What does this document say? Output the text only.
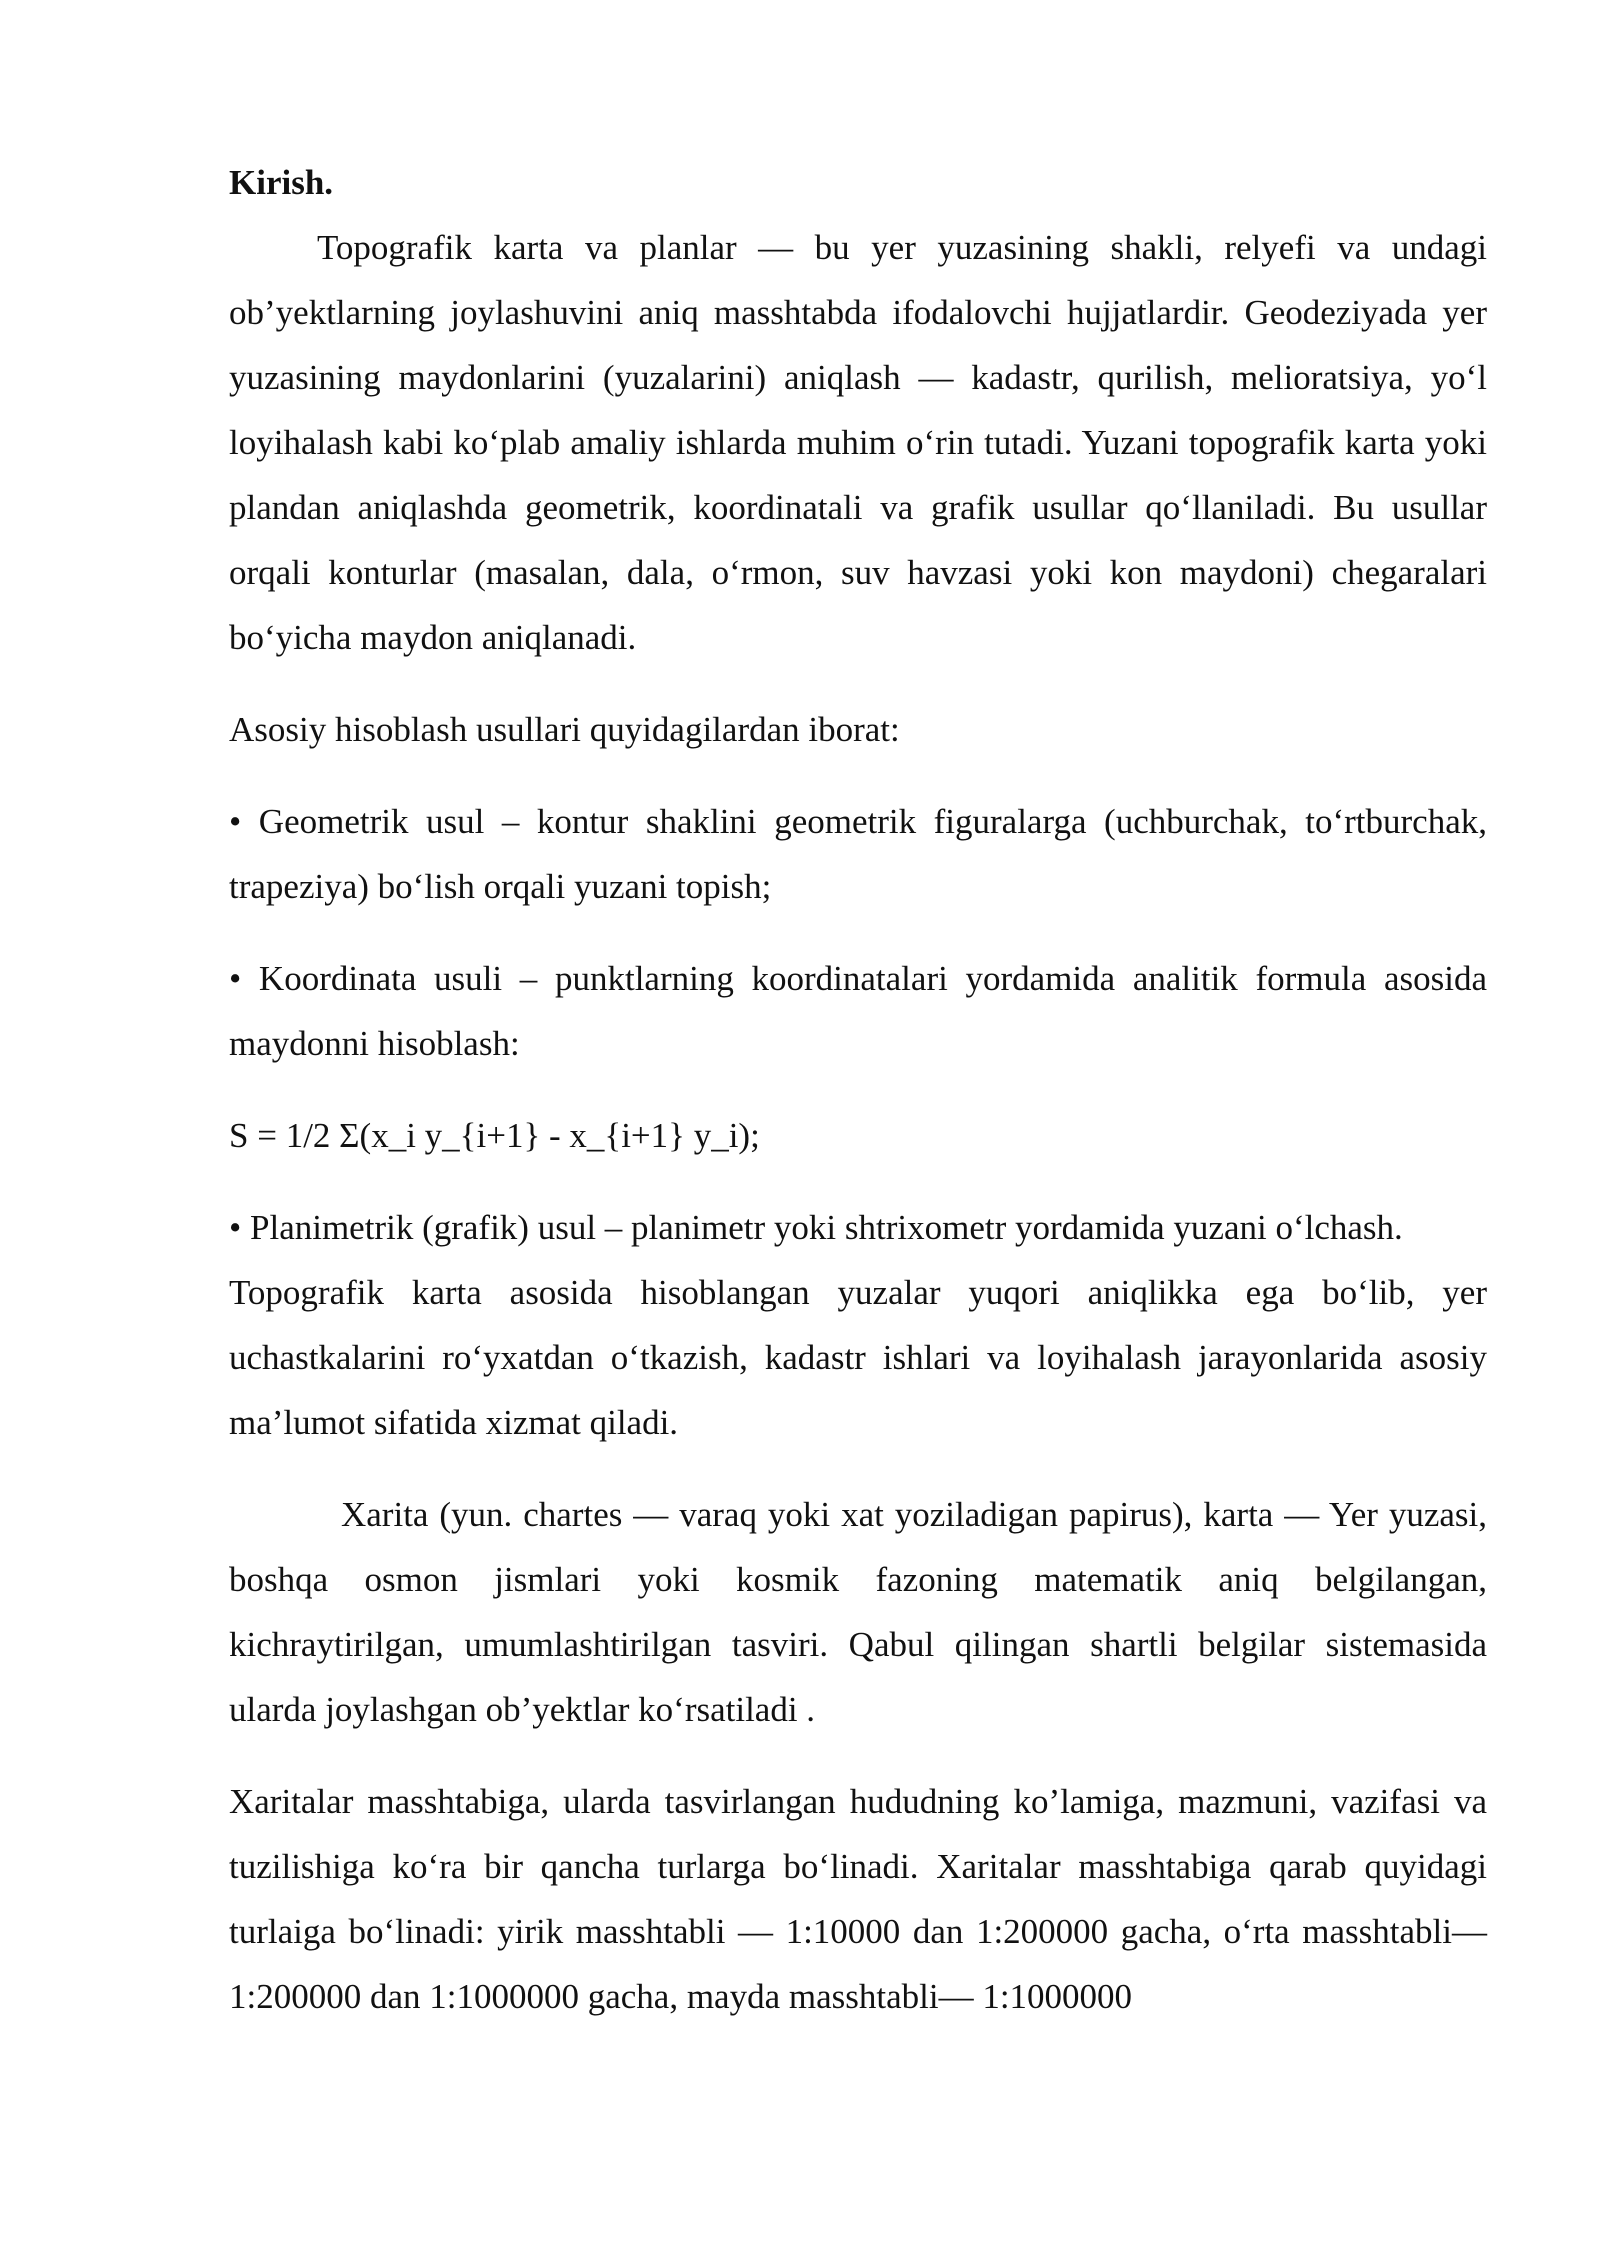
Kirish.

Topografik karta va planlar — bu yer yuzasining shakli, relyefi va undagi ob’yektlarning joylashuvini aniq masshtabda ifodalovchi hujjatlardir. Geodeziyada yer yuzasining maydonlarini (yuzalarini) aniqlash — kadastr, qurilish, melioratsiya, yo‘l loyihalash kabi ko‘plab amaliy ishlarda muhim o‘rin tutadi. Yuzani topografik karta yoki plandan aniqlashda geometrik, koordinatali va grafik usullar qo‘llaniladi. Bu usullar orqali konturlar (masalan, dala, o‘rmon, suv havzasi yoki kon maydoni) chegaralari bo‘yicha maydon aniqlanadi.

Asosiy hisoblash usullari quyidagilardan iborat:

• Geometrik usul – kontur shaklini geometrik figuralarga (uchburchak, to‘rtburchak, trapeziya) bo‘lish orqali yuzani topish;

• Koordinata usuli – punktlarning koordinatalari yordamida analitik formula asosida maydonni hisoblash:

S = 1/2 Σ(x_i y_{i+1} - x_{i+1} y_i);

• Planimetrik (grafik) usul – planimetr yoki shtrixometr yordamida yuzani o‘lchash.

Topografik karta asosida hisoblangan yuzalar yuqori aniqlikka ega bo‘lib, yer uchastkalarini ro‘yxatdan o‘tkazish, kadastr ishlari va loyihalash jarayonlarida asosiy ma’lumot sifatida xizmat qiladi.

Xarita (yun. chartes — varaq yoki xat yoziladigan papirus), karta — Yer yuzasi, boshqa osmon jismlari yoki kosmik fazoning matematik aniq belgilangan, kichraytirilgan, umumlashtirilgan tasviri. Qabul qilingan shartli belgilar sistemasida ularda joylashgan ob’yektlar ko‘rsatiladi .

Xaritalar masshtabiga, ularda tasvirlangan hududning ko’lamiga, mazmuni, vazifasi va tuzilishiga ko‘ra bir qancha turlarga bo‘linadi. Xaritalar masshtabiga qarab quyidagi turlaiga bo‘linadi: yirik masshtabli — 1:10000 dan 1:200000 gacha, o‘rta masshtabli—1:200000 dan 1:1000000 gacha, mayda masshtabli— 1:1000000
